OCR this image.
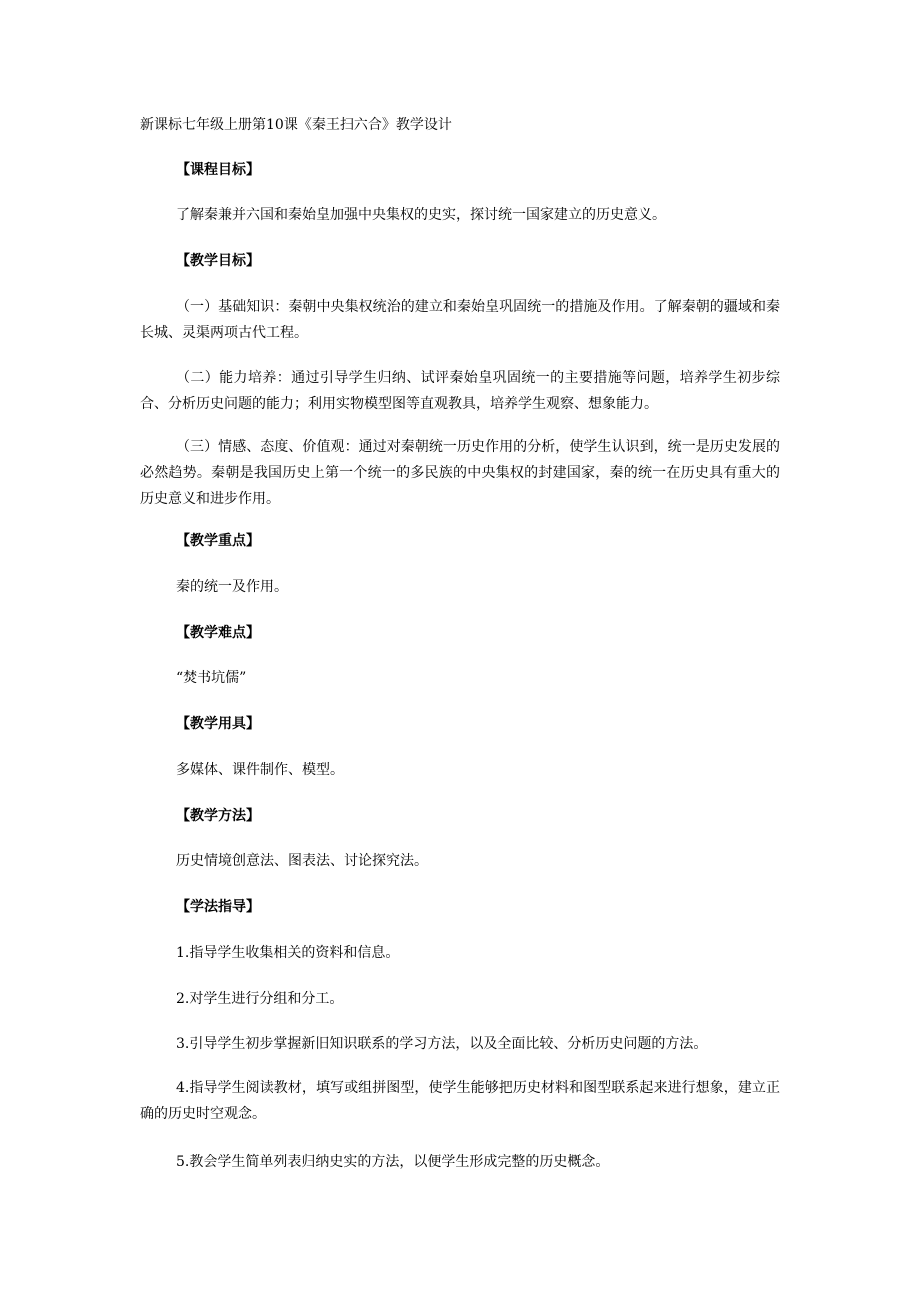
新课标七年级上册第10课《秦王扫六合》教学设计
【课程目标】
了解秦兼并六国和秦始皇加强中央集权的史实，探讨统一国家建立的历史意义。
【教学目标】
（一）基础知识：秦朝中央集权统治的建立和秦始皇巩固统一的措施及作用。了解秦朝的疆域和秦长城、灵渠两项古代工程。
（二）能力培养：通过引导学生归纳、试评秦始皇巩固统一的主要措施等问题，培养学生初步综合、分析历史问题的能力；利用实物模型图等直观教具，培养学生观察、想象能力。
（三）情感、态度、价值观：通过对秦朝统一历史作用的分析，使学生认识到，统一是历史发展的必然趋势。秦朝是我国历史上第一个统一的多民族的中央集权的封建国家，秦的统一在历史具有重大的历史意义和进步作用。
【教学重点】
秦的统一及作用。
【教学难点】
“焚书坑儒”
【教学用具】
多媒体、课件制作、模型。
【教学方法】
历史情境创意法、图表法、讨论探究法。
【学法指导】
1.指导学生收集相关的资料和信息。
2.对学生进行分组和分工。
3.引导学生初步掌握新旧知识联系的学习方法，以及全面比较、分析历史问题的方法。
4.指导学生阅读教材，填写或组拼图型，使学生能够把历史材料和图型联系起来进行想象，建立正确的历史时空观念。
5.教会学生简单列表归纳史实的方法，以便学生形成完整的历史概念。
